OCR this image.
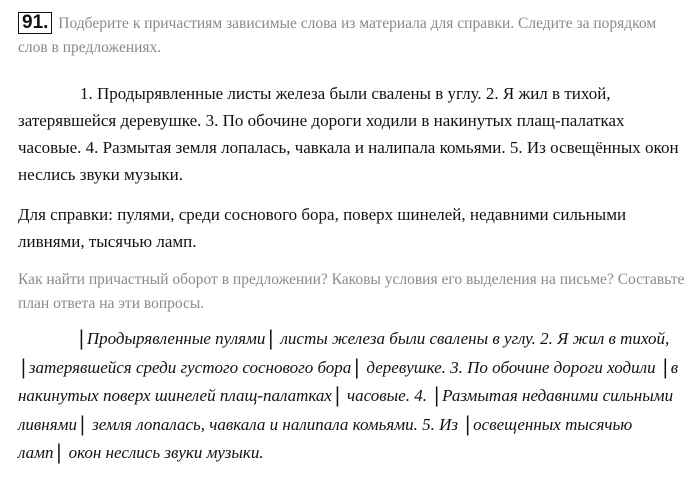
91. Подберите к причастиям зависимые слова из материала для справки. Следите за порядком слов в предложениях.

1. Продырявленные листы железа были свалены в углу. 2. Я жил в тихой, затерявшейся деревушке. 3. По обочине дороги ходили в накинутых плащ-палатках часовые. 4. Размытая земля лопалась, чавкала и налипала комьями. 5. Из освещённых окон неслись звуки музыки.

Для справки: пулями, среди соснового бора, поверх шинелей, недавними сильными ливнями, тысячью ламп.
Как найти причастный оборот в предложении? Каковы условия его выделения на письме? Составьте план ответа на эти вопросы.
| Продырявленные пулями | листы железа были свалены в углу. 2. Я жил в тихой, | затерявшейся среди густого соснового бора | деревушке. 3. По обочине дороги ходили | в накинутых поверх шинелей плащ-палатках | часовые. 4. | Размытая недавними сильными ливнями | земля лопалась, чавкала и налипала комьями. 5. Из | освещенных тысячью ламп | окон неслись звуки музыки.
